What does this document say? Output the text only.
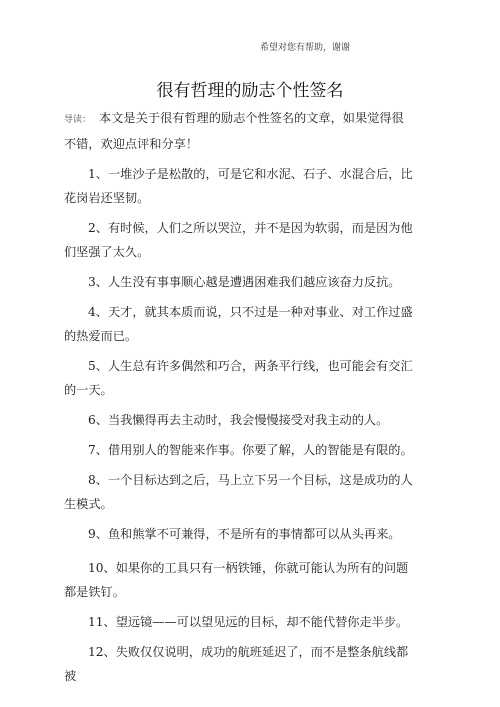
希望对您有帮助，谢谢
很有哲理的励志个性签名

导读： 本文是关于很有哲理的励志个性签名的文章，如果觉得很不错，欢迎点评和分享！

1、一堆沙子是松散的，可是它和水泥、石子、水混合后，比花岗岩还坚韧。

2、有时候，人们之所以哭泣，并不是因为软弱，而是因为他们坚强了太久。

3、人生没有事事顺心越是遭遇困难我们越应该奋力反抗。

4、天才，就其本质而说，只不过是一种对事业、对工作过盛的热爱而已。

5、人生总有许多偶然和巧合，两条平行线，也可能会有交汇的一天。

6、当我懒得再去主动时，我会慢慢接受对我主动的人。

7、借用别人的智能来作事。你要了解，人的智能是有限的。

8、一个目标达到之后，马上立下另一个目标，这是成功的人生模式。

9、鱼和熊掌不可兼得，不是所有的事情都可以从头再来。

10、如果你的工具只有一柄铁锤，你就可能认为所有的问题都是铁钉。

11、望远镜——可以望见远的目标，却不能代替你走半步。

12、失败仅仅说明，成功的航班延迟了，而不是整条航线都被
